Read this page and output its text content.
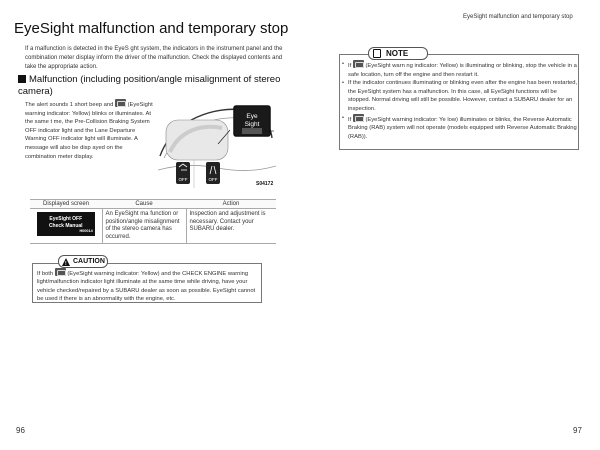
EyeSight malfunction and temporary stop

If a malfunction is detected in the EyeS ght system, the indicators in the instrument panel and the combination meter display inform the driver of the malfunction. Check the displayed contents and take the appropriate action.

Malfunction (including position/angle misalignment of stereo camera)

The alert sounds 1 short beep and (EyeSight warning indicator: Yellow) blinks or illuminates. At the same t me, the Pre-Collision Braking System OFF indicator light and the Lane Departure Warning OFF indicator light will illuminate. A message will also be disp ayed on the combination meter display.

Eye
Sight
OFF	OFF
S04172
Displayed screen	Cause	Action

EyeSight OFF
Check Manual
H00014	An EyeSight ma function or position/angle misalignment of the stereo camera has occurred.	Inspection and adjustment is necessary. Contact your SUBARU dealer.
!
CAUTION

If both (EyeSight warning indicator: Yellow) and the CHECK ENGINE warning light/malfunction indicator light illuminate at the same time while driving, have your vehicle checked/repaired by a SUBARU dealer as soon as possible. EyeSight cannot be used if there is an abnormality with the engine, etc.

96
EyeSight malfunction and temporary stop
NOTE
• If (EyeSight warn ng indicator: Yellow) is illuminating or blinking, stop the vehicle in a safe location, turn off the engine and then restart it.
• If the indicator continues illuminating or blinking even after the engine has been restarted, the EyeSight system has a malfunction. In this case, all EyeSight functions will be stopped. Normal driving will still be possible. However, contact a SUBARU dealer for an inspection.
• If (EyeSight warning indicator: Ye low) illuminates or blinks, the Reverse Automatic Braking (RAB) system will not operate (models equipped with Reverse Automatic Braking (RAB)).
97
